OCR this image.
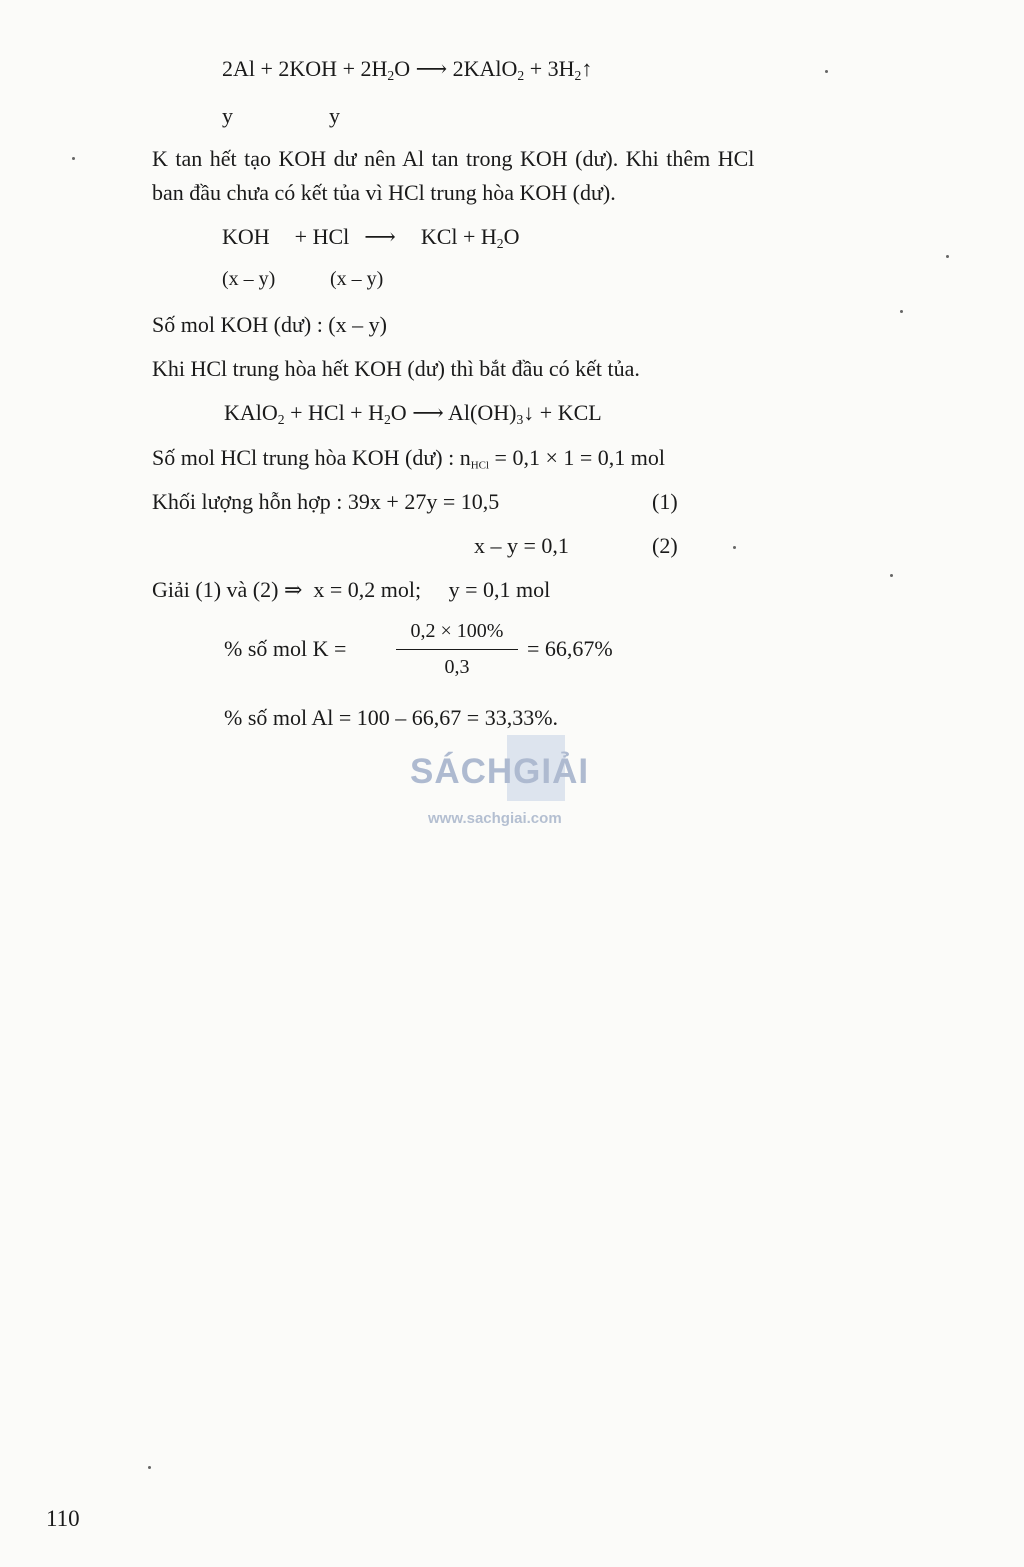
$2Al + 2KOH + 2H_2O$ ⟶ 2KAlO$_2$ + $3H_2↑$
y	y
K tan hết tạo KOH dư nên Al tan trong KOH (dư). Khi thêm HCl
ban đầu chưa có kết tủa vì HCl trung hòa KOH (dư).
KOH + HCl ⟶ KCl + $H_2O$
(x – y)	(x – y)
Số mol KOH (dư) : (x – y)
Khi HCl trung hòa hết KOH (dư) thì bắt đầu có kết tủa.
KAlO$_2$ + HCl + $H_2O$ ⟶ $Al(OH)_3↓$ + KCL
Số mol HCl trung hòa KOH (dư) : $n_{HCl} = 0,1 \times 1 = 0,1$ mol
Khối lượng hỗn hợp : 39x + 27y = 10,5	(1)
x – y = 0,1	(2)
Giải (1) và (2) ⇒  x = 0,2 mol;     y = 0,1 mol
% số mol K =
0,2 × 100%
0,3
= 66,67%
% số mol Al = 100 – 66,67 = 33,33%.
SÁCHGIẢI
www.sachgiai.com
110
